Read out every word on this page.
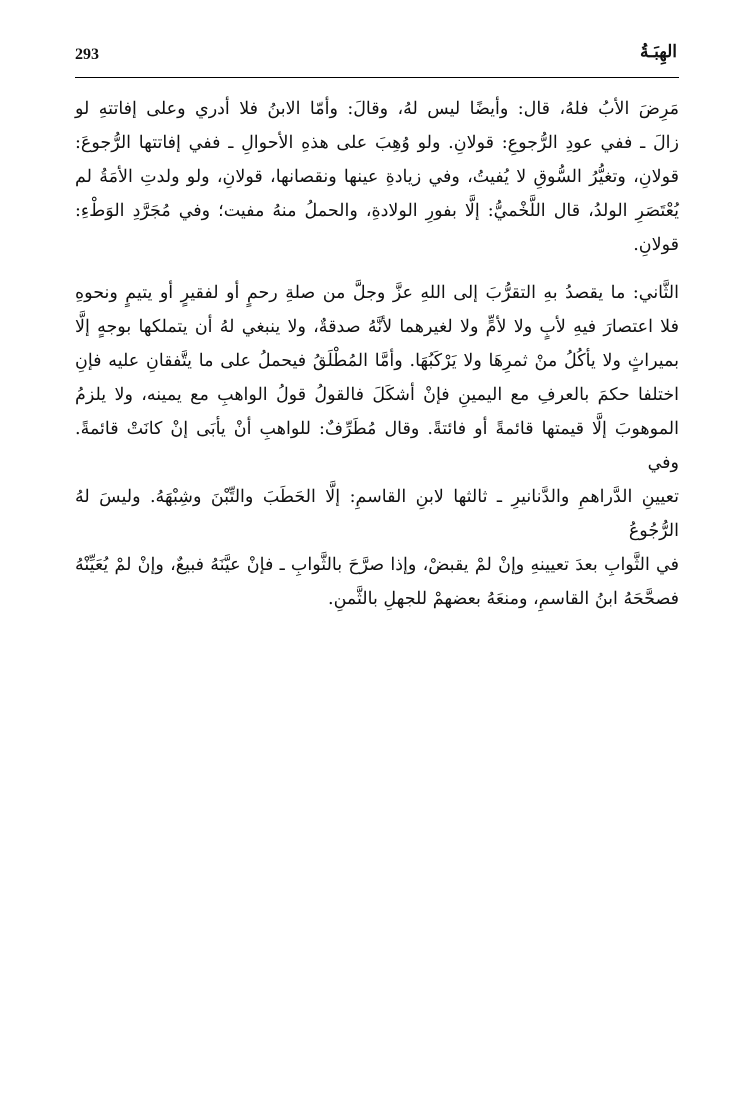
293	الهِبَـةُ

مَرِضَ الأبُ فلهُ، قال: وأيضًا ليس لهُ، وقالَ: وأمّا الابنُ فلا أدري وعلى إفاتتهِ لو
زالَ ـ ففي عودِ الرُّجوعِ: قولانِ. ولو وُهِبَ على هذهِ الأحوالِ ـ ففي إفاتتها الرُّجوعَ:
قولانِ، وتغيُّرُ السُّوقِ لا يُفيتُ، وفي زيادةِ عينها ونقصانها، قولانِ، ولو ولدتِ الأمَةُ لم
يُعْتَصَرِ الولدُ، قال اللَّخْميُّ: إلَّا بفورِ الولادةِ، والحملُ منهُ مفيت؛ وفي مُجَرَّدِ الوَطْءِ:
قولانِ.

الثَّاني: ما يقصدُ بهِ التقرُّبَ إلى اللهِ عزَّ وجلَّ من صلةِ رحمٍ أو لفقيرٍ أو يتيمٍ ونحوهِ
فلا اعتصارَ فيهِ لأبٍ ولا لأمٍّ ولا لغيرهما لأنَّهُ صدقةٌ، ولا ينبغي لهُ أن يتملكها بوجهٍ إلَّا
بميراثٍ ولا يأكُلُ منْ ثمرِهَا ولا يَرْكَبُهَا. وأمَّا المُطْلَقُ فيحملُ على ما يتَّفقانِ عليه فإنِ
اختلفا حكمَ بالعرفِ مع اليمينِ فإنْ أشكَلَ فالقولُ قولُ الواهبِ مع يمينه، ولا يلزمُ
الموهوبَ إلَّا قيمتها قائمةً أو فائتةً. وقال مُطَرِّفٌ: للواهبِ أنْ يأبَى إنْ كانَتْ قائمةً. وفي
تعيينِ الدَّراهمِ والدَّنانيرِ ـ ثالثها لابنِ القاسمِ: إلَّا الحَطَبَ والتِّبْنَ وشِبْهَهُ. وليسَ لهُ الرُّجُوعُ
في الثَّوابِ بعدَ تعيينهِ وإنْ لمْ يقبضْ، وإذا صرَّحَ بالثَّوابِ ـ فإنْ عيَّنَهُ فبيعٌ، وإنْ لمْ يُعَيِّنْهُ
فصحَّحَهُ ابنُ القاسمِ، ومنعَهُ بعضهمْ للجهلِ بالثَّمنِ.
